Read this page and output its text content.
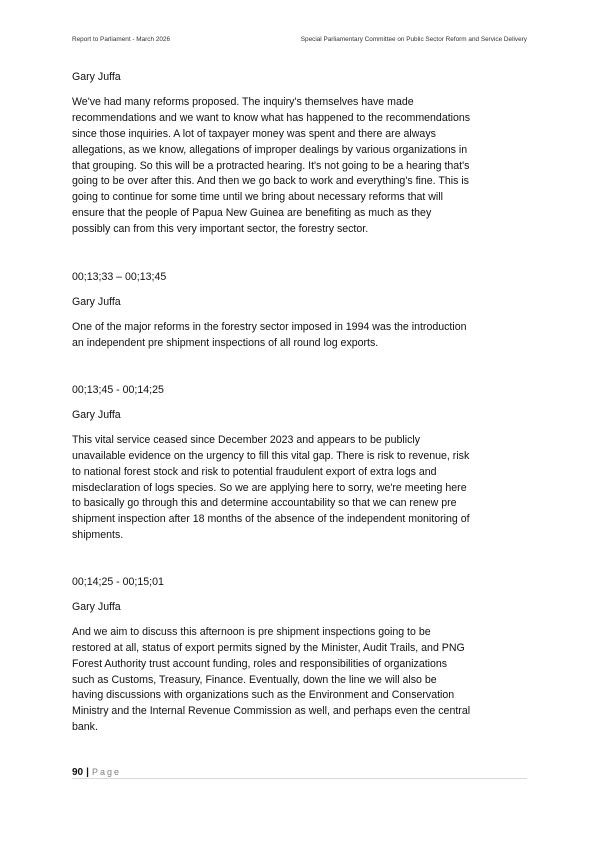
Report to Parliament - March 2026	Special Parliamentary Committee on Public Sector Reform and Service Delivery

Gary Juffa

We've had many reforms proposed. The inquiry's themselves have made
recommendations and we want to know what has happened to the recommendations
since those inquiries. A lot of taxpayer money was spent and there are always
allegations, as we know, allegations of improper dealings by various organizations in
that grouping. So this will be a protracted hearing. It's not going to be a hearing that's
going to be over after this. And then we go back to work and everything's fine. This is
going to continue for some time until we bring about necessary reforms that will
ensure that the people of Papua New Guinea are benefiting as much as they
possibly can from this very important sector, the forestry sector.

00;13;33 – 00;13;45

Gary Juffa

One of the major reforms in the forestry sector imposed in 1994 was the introduction
an independent pre shipment inspections of all round log exports.

00;13;45 - 00;14;25

Gary Juffa

This vital service ceased since December 2023 and appears to be publicly
unavailable evidence on the urgency to fill this vital gap. There is risk to revenue, risk
to national forest stock and risk to potential fraudulent export of extra logs and
misdeclaration of logs species. So we are applying here to sorry, we're meeting here
to basically go through this and determine accountability so that we can renew pre
shipment inspection after 18 months of the absence of the independent monitoring of
shipments.

00;14;25 - 00;15;01

Gary Juffa

And we aim to discuss this afternoon is pre shipment inspections going to be
restored at all, status of export permits signed by the Minister, Audit Trails, and PNG
Forest Authority trust account funding, roles and responsibilities of organizations
such as Customs, Treasury, Finance. Eventually, down the line we will also be
having discussions with organizations such as the Environment and Conservation
Ministry and the Internal Revenue Commission as well, and perhaps even the central
bank.

90 | Page
